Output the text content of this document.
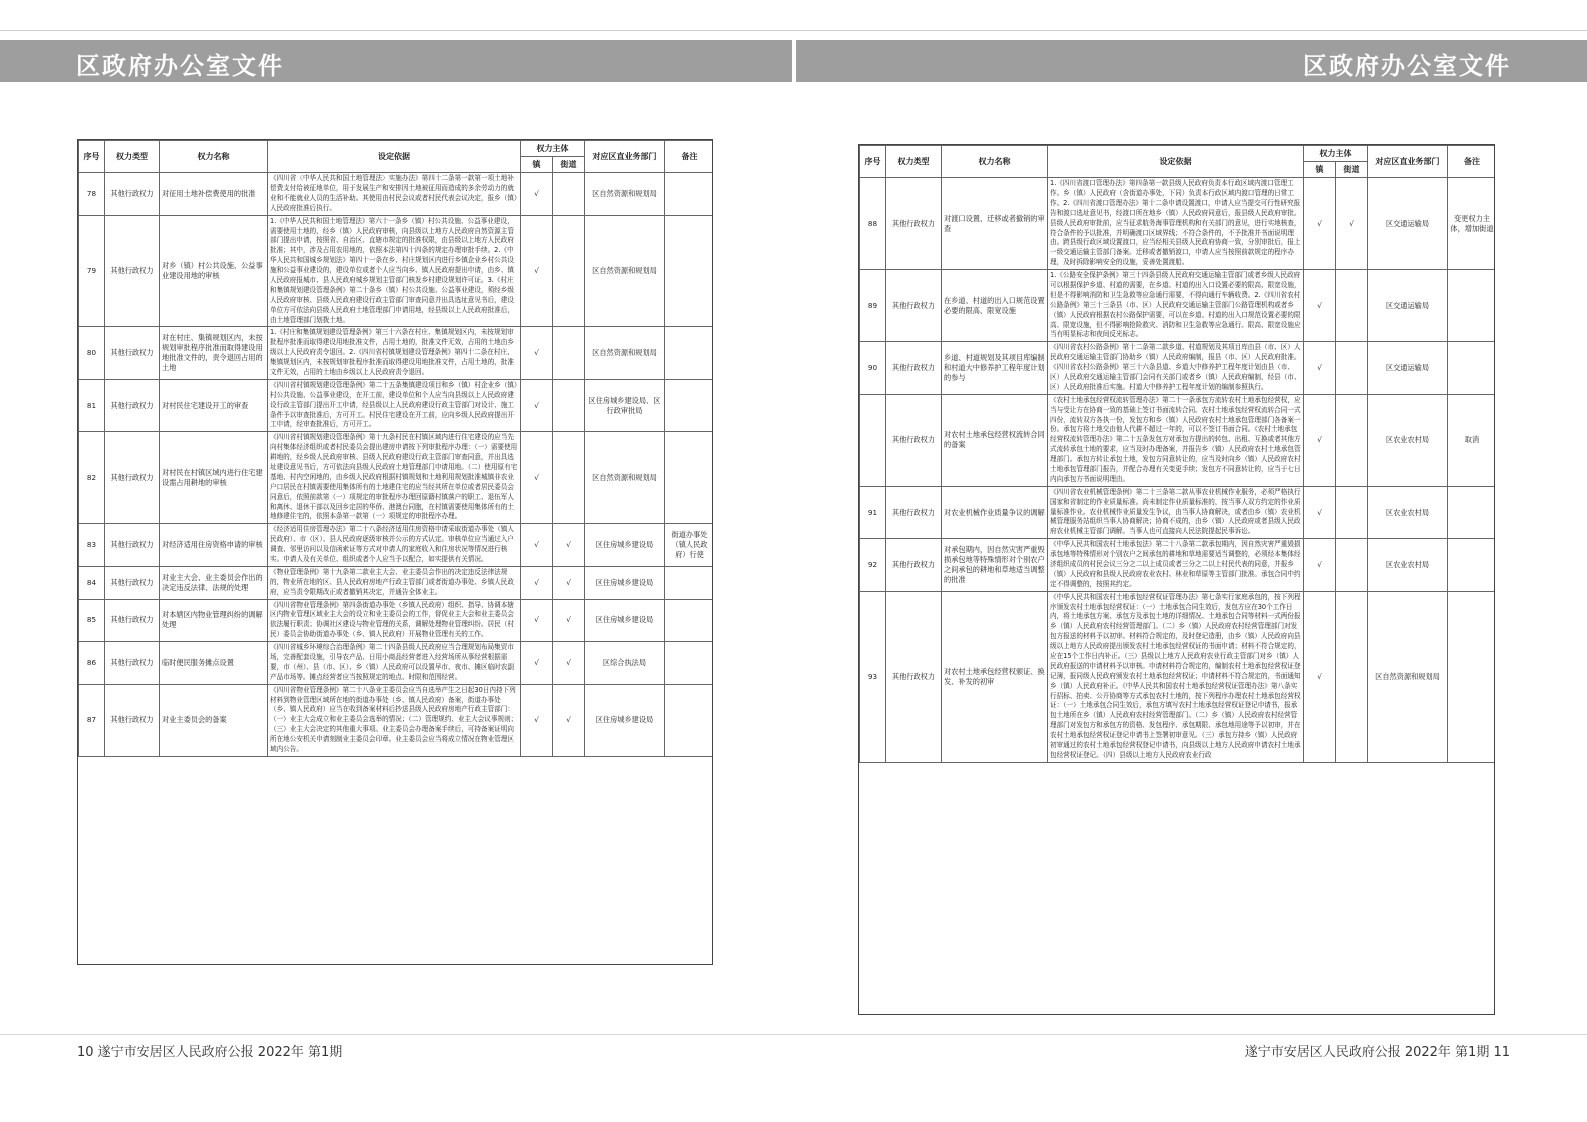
区政府办公室文件	区政府办公室文件
序号	权力类型	权力名称	设定依据	权力主体		对应区直业务部门	备注
				镇	街道		
78	其他行政权力	对征用土地补偿费使用的批准	《四川省〈中华人民共和国土地管理法〉实施办法》第四十二条第一款第一项土地补偿费支付给被征地单位，用于发展生产和安排因土地被征用而造成的多余劳动力的就业和不能就业人员的生活补助。其使用由村民会议或者村民代表会议决定，报乡（镇）人民政府批准后执行。	√		区自然资源和规划局	
79	其他行政权力	对乡（镇）村公共设施、公益事业建设用地的审核	1.《中华人民共和国土地管理法》第六十一条乡（镇）村公共设施、公益事业建设，需要使用土地的，经乡（镇）人民政府审核，向县级以上地方人民政府自然资源主管部门提出申请，按照省、自治区、直辖市规定的批准权限，由县级以上地方人民政府批准；其中，涉及占用农用地的，依照本法第四十四条的规定办理审批手续。2.《中华人民共和国城乡规划法》第四十一条在乡、村庄规划区内进行乡镇企业乡村公共设施和公益事业建设的，建设单位或者个人应当向乡、镇人民政府提出申请，由乡、镇人民政府报城市、县人民政府城乡规划主管部门核发乡村建设规划许可证。3.《村庄和集镇规划建设管理条例》第二十条乡（镇）村公共设施、公益事业建设，须经乡级人民政府审核、县级人民政府建设行政主管部门审查同意并出具选址意见书后，建设单位方可依法向县级人民政府土地管理部门申请用地，经县级以上人民政府批准后，由土地管理部门划拨土地。	√		区自然资源和规划局	
80	其他行政权力	对在村庄、集镇规划区内，未按规划审批程序批准而取得建设用地批准文件的，责令退回占用的土地	1.《村庄和集镇规划建设管理条例》第三十六条在村庄、集镇规划区内，未按规划审批程序批准而取得建设用地批准文件，占用土地的，批准文件无效，占用的土地由乡级以上人民政府责令退回。2.《四川省村镇规划建设管理条例》第四十二条在村庄、集镇规划区内，未按规划审批程序批准而取得建设用地批准文件，占用土地的，批准文件无效，占用的土地由乡级以上人民政府责令退回。	√		区自然资源和规划局	
81	其他行政权力	对村民住宅建设开工的审查	《四川省村镇规划建设管理条例》第二十五条集镇建设项目和乡（镇）村企业乡（镇）村公共设施、公益事业建设，在开工前，建设单位和个人应当向县级以上人民政府建设行政主管部门提出开工申请，经县级以上人民政府建设行政主管部门对设计、施工条件予以审查批准后，方可开工。村民住宅建设在开工前，应向乡级人民政府提出开工申请，经审查批准后，方可开工。	√		区住房城乡建设局、区行政审批局	
82	其他行政权力	对村民在村镇区域内进行住宅建设需占用耕地的审核	《四川省村镇规划建设管理条例》第十九条村民在村镇区域内进行住宅建设的应当先向村集体经济组织或者村民委员会提出建房申请按下列审批程序办理：（一）需要使用耕地的，经乡级人民政府审核、县级人民政府建设行政主管部门审查同意，并出具选址建设意见书后，方可依法向县级人民政府土地管理部门申请用地。（二）使用原有宅基地、村内空闲地的，由乡级人民政府根据村镇规划和土地利用规划批准城镇非农业户口居民在村镇需要使用集体所有的土地建住宅的应当经其所在单位或者居民委员会同意后，依照前款第（一）项规定的审批程序办理回原籍村镇落户的职工、退伍军人和离休、退休干部以及回乡定居的华侨、港澳台同胞，在村镇需要使用集体所有的土地修建住宅的，依照本条第一款第（一）项规定的审批程序办理。	√		区自然资源和规划局	
83	其他行政权力	对经济适用住房资格申请的审核	《经济适用住房管理办法》第二十八条经济适用住房资格申请采取街道办事处（镇人民政府）、市（区）、县人民政府逐级审核并公示的方式认定。审核单位应当通过入户调查、邻里访问以及信函索证等方式对申请人的家庭收入和住房状况等情况进行核实。申请人及有关单位、组织或者个人应当予以配合，如实提供有关情况。	√	√	区住房城乡建设局	街道办事处（镇人民政府）行使
84	其他行政权力	对业主大会、业主委员会作出的决定违反法律、法规的处理	《物业管理条例》第十九条第二款业主大会、业主委员会作出的决定违反法律法规的，物业所在地的区、县人民政府房地产行政主管部门或者街道办事处、乡镇人民政府，应当责令限期改正或者撤销其决定，并通告全体业主。	√	√	区住房城乡建设局	
85	其他行政权力	对本辖区内物业管理纠纷的调解处理	《四川省物业管理条例》第四条街道办事处（乡镇人民政府）组织、指导、协调本辖区内物业管理区域业主大会的设立和业主委员会的工作，督促业主大会和业主委员会依法履行职责；协调社区建设与物业管理的关系，调解处理物业管理纠纷。居民（村民）委员会协助街道办事处（乡、镇人民政府）开展物业管理有关的工作。	√	√	区住房城乡建设局	
86	其他行政权力	临时便民服务摊点设置	《四川省城乡环境综合治理条例》第二十四条县级人民政府应当合理规划布局集贸市场，完善配套设施，引导农产品、日用小商品经营者进入经营场所从事经营根据需要，市（州）、县（市、区）、乡（镇）人民政府可以设置早市、夜市、摊区临时农副产品市场等。摊点经营者应当按照规定的地点、时限和范围经营。	√	√	区综合执法局	
87	其他行政权力	对业主委员会的备案	《四川省物业管理条例》第二十八条业主委员会应当自选举产生之日起30日内持下列材料到物业管理区域所在地的街道办事处（乡、镇人民政府）备案，街道办事处（乡、镇人民政府）应当在收到备案材料后抄送县级人民政府房地产行政主管部门：（一）业主大会成立和业主委员会选举的情况；（二）管理规约、业主大会议事规则；（三）业主大会决定的其他重大事项。业主委员会办理备案手续后，可持备案证明向所在地公安机关申请刻制业主委员会印章。业主委员会应当将成立情况在物业管理区域内公告。	√	√	区住房城乡建设局	
序号	权力类型	权力名称	设定依据	权力主体		对应区直业务部门	备注
				镇	街道		
88	其他行政权力	对渡口设置、迁移或者撤销的审查	1.《四川省渡口管理办法》第四条第一款县级人民政府负责本行政区域内渡口管理工作。乡（镇）人民政府（含街道办事处，下同）负责本行政区域内渡口管理的日常工作。2.《四川省渡口管理办法》第十二条申请设置渡口，申请人应当提交可行性研究报告和渡口选址意见书，经渡口所在地乡（镇）人民政府同意后，报县级人民政府审批。县级人民政府审批前，应当征求航务海事管理机构和有关部门的意见，进行实地核查，符合条件的予以批准，并明确渡口区域界线；不符合条件的，不予批准并书面说明理由。跨县级行政区域设置渡口，应当经相关县级人民政府协商一致，分别审批后，报上一级交通运输主管部门备案。迁移或者撤销渡口，申请人应当按照前款规定的程序办理，及时拆除影响安全的设施，妥善处置渡船。	√	√	区交通运输局	变更权力主体，增加街道
89	其他行政权力	在乡道、村道的出入口规范设置必要的限高、限宽设施	1.《公路安全保护条例》第三十四条县级人民政府交通运输主管部门或者乡级人民政府可以根据保护乡道、村道的需要，在乡道、村道的出入口设置必要的限高、限宽设施，但是不得影响消防和卫生急救等应急通行需要，不得向通行车辆收费。2.《四川省农村公路条例》第三十三条县（市、区）人民政府交通运输主管部门公路管理机构或者乡（镇）人民政府根据农村公路保护需要，可以在乡道、村道的出入口规范设置必要的限高、限宽设施，但不得影响抢险救灾、消防和卫生急救等应急通行。限高、限宽设施应当有明显标志和夜间反光标志。	√		区交通运输局	
90	其他行政权力	乡道、村道规划及其项目库编制和村道大中修养护工程年度计划的参与	《四川省农村公路条例》第十二条第二款乡道、村道规划及其项目库由县（市、区）人民政府交通运输主管部门协助乡（镇）人民政府编制，报县（市、区）人民政府批准。《四川省农村公路条例》第三十六条县道、乡道大中修养护工程年度计划由县（市、区）人民政府交通运输主管部门会同有关部门或者乡（镇）人民政府编制，经县（市、区）人民政府批准后实施。村道大中修养护工程年度计划的编制参照执行。	√		区交通运输局	
	其他行政权力	对农村土地承包经营权流转合同的备案	《农村土地承包经营权流转管理办法》第二十一条承包方流转农村土地承包经营权，应当与受让方在协商一致的基础上签订书面流转合同。农村土地承包经营权流转合同一式四份，流转双方各执一份，发包方和乡（镇）人民政府农村土地承包管理部门各备案一份。承包方将土地交由他人代耕不超过一年的，可以不签订书面合同。《农村土地承包经营权流转管理办法》第二十五条发包方对承包方提出的转包、出租、互换或者其他方式流转承包土地的要求，应当及时办理备案，并报告乡（镇）人民政府农村土地承包管理部门。承包方转让承包土地，发包方同意转让的，应当及时向乡（镇）人民政府农村土地承包管理部门报告，并配合办理有关变更手续；发包方不同意转让的，应当于七日内向承包方书面说明理由。	√		区农业农村局	取消
91	其他行政权力	对农业机械作业质量争议的调解	《四川省农业机械管理条例》第二十三条第二款从事农业机械作业服务，必须严格执行国家和省制定的作业质量标准。尚未制定作业质量标准的，按当事人双方约定的作业质量标准作业。农业机械作业质量发生争议，由当事人协商解决，或者由乡（镇）农业机械管理服务站组织当事人协商解决；协商不成的，由乡（镇）人民政府或者县级人民政府农业机械主管部门调解。当事人也可直接向人民法院提起民事诉讼。	√		区农业农村局	
92	其他行政权力	对承包期内，因自然灾害严重毁损承包地等特殊情形对个别农户之间承包的耕地和草地适当调整的批准	《中华人民共和国农村土地承包法》第二十八条第二款承包期内，因自然灾害严重毁损承包地等特殊情形对个别农户之间承包的耕地和草地需要适当调整的，必须经本集体经济组织成员的村民会议三分之二以上成员或者三分之二以上村民代表的同意，并报乡（镇）人民政府和县级人民政府农业农村、林业和草原等主管部门批准。承包合同中约定不得调整的，按照其约定。	√		区农业农村局	
93	其他行政权力	对农村土地承包经营权颁证、换发、补发的初审	《中华人民共和国农村土地承包经营权证管理办法》第七条实行家庭承包的，按下列程序颁发农村土地承包经营权证：（一）土地承包合同生效后，发包方应在30个工作日内，将土地承包方案、承包方及承包土地的详细情况、土地承包合同等材料一式两份报乡（镇）人民政府农村经营管理部门。（二）乡（镇）人民政府农村经营管理部门对发包方报送的材料予以初审。材料符合规定的，及时登记造册，由乡（镇）人民政府向县级以上地方人民政府提出颁发农村土地承包经营权证的书面申请；材料不符合规定的，应在15个工作日内补正。（三）县级以上地方人民政府农业行政主管部门对乡（镇）人民政府报送的申请材料予以审核。申请材料符合规定的，编制农村土地承包经营权证登记簿，报同级人民政府颁发农村土地承包经营权证；申请材料不符合规定的，书面通知乡（镇）人民政府补正。《中华人民共和国农村土地承包经营权证管理办法》第八条实行招标、拍卖、公开协商等方式承包农村土地的，按下列程序办理农村土地承包经营权证：（一）土地承包合同生效后，承包方填写农村土地承包经营权证登记申请书，报承包土地所在乡（镇）人民政府农村经营管理部门。（二）乡（镇）人民政府农村经营管理部门对发包方和承包方的资格、发包程序、承包期限、承包地用途等予以初审，并在农村土地承包经营权证登记申请书上签署初审意见。（三）承包方持乡（镇）人民政府初审通过的农村土地承包经营权登记申请书，向县级以上地方人民政府申请农村土地承包经营权证登记。（四）县级以上地方人民政府农业行政	√		区自然资源和规划局	
10 遂宁市安居区人民政府公报 2022年 第1期	遂宁市安居区人民政府公报 2022年 第1期 11
